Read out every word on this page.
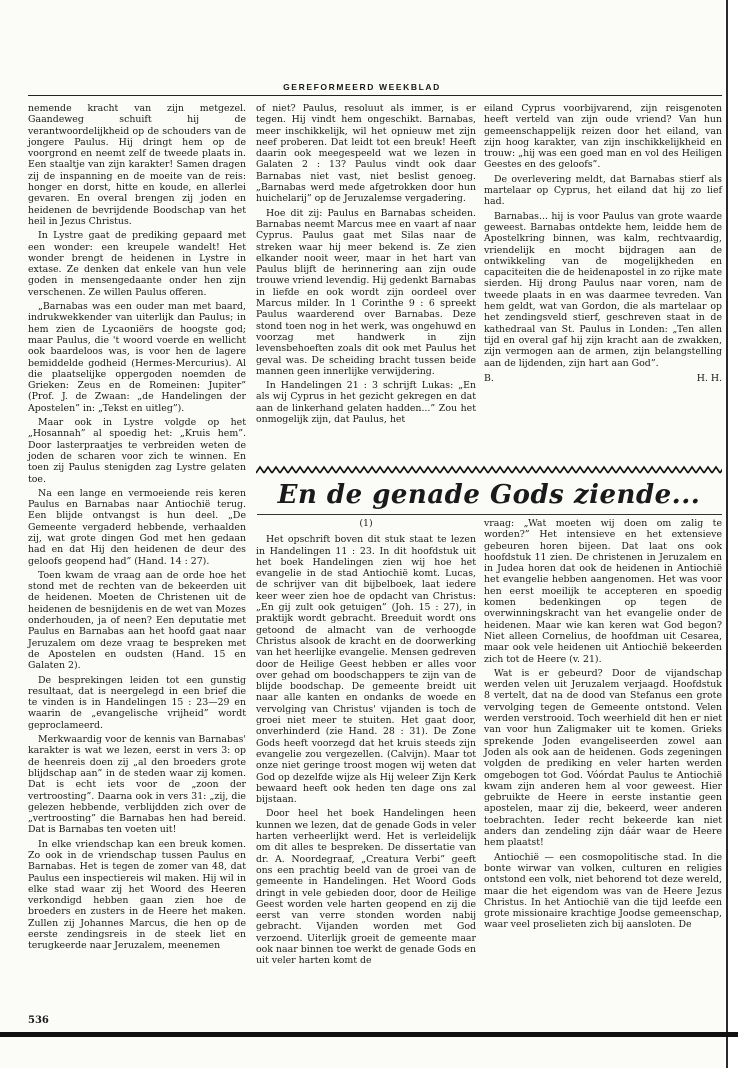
GEREFORMEERD WEEKBLAD

nemende kracht van zijn metgezel. Gaandeweg schuift hij de verantwoordelijkheid op de schouders van de jongere Paulus. Hij dringt hem op de voorgrond en neemt zelf de tweede plaats in. Een staaltje van zijn karakter! Samen dragen zij de inspanning en de moeite van de reis: honger en dorst, hitte en koude, en allerlei gevaren. En overal brengen zij joden en heidenen de bevrijdende Boodschap van het heil in Jezus Christus.

In Lystre gaat de prediking gepaard met een wonder: een kreupele wandelt! Het wonder brengt de heidenen in Lystre in extase. Ze denken dat enkele van hun vele goden in mensengedaante onder hen zijn verschenen. Ze willen Paulus offeren.

„Barnabas was een ouder man met baard, indrukwekkender van uiterlijk dan Paulus; in hem zien de Lycaoniërs de hoogste god; maar Paulus, die 't woord voerde en wellicht ook baardeloos was, is voor hen de lagere bemiddelde godheid (Hermes-Mercurius). Al die plaatselijke oppergoden noemden de Grieken: Zeus en de Romeinen: Jupiter” (Prof. J. de Zwaan: „de Handelingen der Apostelen” in: „Tekst en uitleg”).

Maar ook in Lystre volgde op het „Hosannah” al spoedig het: „Kruis hem”. Door lasterpraatjes te verbreiden weten de joden de scharen voor zich te winnen. En toen zij Paulus stenigden zag Lystre gelaten toe.

Na een lange en vermoeiende reis keren Paulus en Barnabas naar Antiochië terug. Een blijde ontvangst is hun deel. „De Gemeente vergaderd hebbende, verhaalden zij, wat grote dingen God met hen gedaan had en dat Hij den heidenen de deur des geloofs geopend had” (Hand. 14 : 27).

Toen kwam de vraag aan de orde hoe het stond met de rechten van de bekeerden uit de heidenen. Moeten de Christenen uit de heidenen de besnijdenis en de wet van Mozes onderhouden, ja of neen? Een deputatie met Paulus en Barnabas aan het hoofd gaat naar Jeruzalem om deze vraag te bespreken met de Apostelen en oudsten (Hand. 15 en Galaten 2).

De besprekingen leiden tot een gunstig resultaat, dat is neergelegd in een brief die te vinden is in Handelingen 15 : 23—29 en waarin de „evangelische vrijheid” wordt geproclameerd.

Merkwaardig voor de kennis van Barnabas' karakter is wat we lezen, eerst in vers 3: op de heenreis doen zij „al den broeders grote blijdschap aan” in de steden waar zij komen. Dat is echt iets voor de „zoon der vertroosting”. Daarna ook in vers 31: „zij, die gelezen hebbende, verblijdden zich over de „vertroosting” die Barnabas hen had bereid. Dat is Barnabas ten voeten uit!

In elke vriendschap kan een breuk komen. Zo ook in de vriendschap tussen Paulus en Barnabas. Het is tegen de zomer van 48, dat Paulus een inspectiereis wil maken. Hij wil in elke stad waar zij het Woord des Heeren verkondigd hebben gaan zien hoe de broeders en zusters in de Heere het maken. Zullen zij Johannes Marcus, die hen op de eerste zendingsreis in de steek liet en terugkeerde naar Jeruzalem, meenemen

of niet? Paulus, resoluut als immer, is er tegen. Hij vindt hem ongeschikt. Barnabas, meer inschikkelijk, wil het opnieuw met zijn neef proberen. Dat leidt tot een breuk! Heeft daarin ook meegespeeld wat we lezen in Galaten 2 : 13? Paulus vindt ook daar Barnabas niet vast, niet beslist genoeg. „Barnabas werd mede afgetrokken door hun huichelarij” op de Jeruzalemse vergadering.

Hoe dit zij: Paulus en Barnabas scheiden. Barnabas neemt Marcus mee en vaart af naar Cyprus. Paulus gaat met Silas naar de streken waar hij meer bekend is. Ze zien elkander nooit weer, maar in het hart van Paulus blijft de herinnering aan zijn oude trouwe vriend levendig. Hij gedenkt Barnabas in liefde en ook wordt zijn oordeel over Marcus milder. In 1 Corinthe 9 : 6 spreekt Paulus waarderend over Barnabas. Deze stond toen nog in het werk, was ongehuwd en voorzag met handwerk in zijn levensbehoeften zoals dit ook met Paulus het geval was. De scheiding bracht tussen beide mannen geen innerlijke verwijdering.

In Handelingen 21 : 3 schrijft Lukas: „En als wij Cyprus in het gezicht gekregen en dat aan de linkerhand gelaten hadden...” Zou het onmogelijk zijn, dat Paulus, het

eiland Cyprus voorbijvarend, zijn reisgenoten heeft verteld van zijn oude vriend? Van hun gemeenschappelijk reizen door het eiland, van zijn hoog karakter, van zijn inschikkelijkheid en trouw: „hij was een goed man en vol des Heiligen Geestes en des geloofs”.

De overlevering meldt, dat Barnabas stierf als martelaar op Cyprus, het eiland dat hij zo lief had.

Barnabas... hij is voor Paulus van grote waarde geweest. Barnabas ontdekte hem, leidde hem de Apostelkring binnen, was kalm, rechtvaardig, vriendelijk en mocht bijdragen aan de ontwikkeling van de mogelijkheden en capaciteiten die de heidenapostel in zo rijke mate sierden. Hij drong Paulus naar voren, nam de tweede plaats in en was daarmee tevreden. Van hem geldt, wat van Gordon, die als martelaar op het zendingsveld stierf, geschreven staat in de kathedraal van St. Paulus in Londen: „Ten allen tijd en overal gaf hij zijn kracht aan de zwakken, zijn vermogen aan de armen, zijn belangstelling aan de lijdenden, zijn hart aan God”.

B.	H. H.
En de genade Gods ziende...

(1)

Het opschrift boven dit stuk staat te lezen in Handelingen 11 : 23. In dit hoofdstuk uit het boek Handelingen zien wij hoe het evangelie in de stad Antiochië komt. Lucas, de schrijver van dit bijbelboek, laat iedere keer weer zien hoe de opdacht van Christus: „En gij zult ook getuigen” (Joh. 15 : 27), in praktijk wordt gebracht. Breeduit wordt ons getoond de almacht van de verhoogde Christus alsook de kracht en de doorwerking van het heerlijke evangelie. Mensen gedreven door de Heilige Geest hebben er alles voor over gehad om boodschappers te zijn van de blijde boodschap. De gemeente breidt uit naar alle kanten en ondanks de woede en vervolging van Christus' vijanden is toch de groei niet meer te stuiten. Het gaat door, onverhinderd (zie Hand. 28 : 31). De Zone Gods heeft voorzegd dat het kruis steeds zijn evangelie zou vergezellen. (Calvijn). Maar tot onze niet geringe troost mogen wij weten dat God op dezelfde wijze als Hij weleer Zijn Kerk bewaard heeft ook heden ten dage ons zal bijstaan.

Door heel het boek Handelingen heen kunnen we lezen, dat de genade Gods in veler harten verheerlijkt werd. Het is verleidelijk om dit alles te bespreken. De dissertatie van dr. A. Noordegraaf, „Creatura Verbi” geeft ons een prachtig beeld van de groei van de gemeente in Handelingen. Het Woord Gods dringt in vele gebieden door, door de Heilige Geest worden vele harten geopend en zij die eerst van verre stonden worden nabij gebracht. Vijanden worden met God verzoend. Uiterlijk groeit de gemeente maar ook naar binnen toe werkt de genade Gods en uit veler harten komt de

vraag: „Wat moeten wij doen om zalig te worden?” Het intensieve en het extensieve gebeuren horen bijeen. Dat laat ons ook hoofdstuk 11 zien. De christenen in Jeruzalem en in Judea horen dat ook de heidenen in Antiochië het evangelie hebben aangenomen. Het was voor hen eerst moeilijk te accepteren en spoedig komen bedenkingen op tegen de overwinningskracht van het evangelie onder de heidenen. Maar wie kan keren wat God begon? Niet alleen Cornelius, de hoofdman uit Cesarea, maar ook vele heidenen uit Antiochië bekeerden zich tot de Heere (v. 21).

Wat is er gebeurd? Door de vijandschap werden velen uit Jeruzalem verjaagd. Hoofdstuk 8 vertelt, dat na de dood van Stefanus een grote vervolging tegen de Gemeente ontstond. Velen werden verstrooid. Toch weerhield dit hen er niet van voor hun Zaligmaker uit te komen. Grieks sprekende Joden evangeliseerden zowel aan Joden als ook aan de heidenen. Gods zegeningen volgden de prediking en veler harten werden omgebogen tot God. Vóórdat Paulus te Antiochië kwam zijn anderen hem al voor geweest. Hier gebruikte de Heere in eerste instantie geen apostelen, maar zij die, bekeerd, weer anderen toebrachten. Ieder recht bekeerde kan niet anders dan zendeling zijn dáár waar de Heere hem plaatst!

Antiochië — een cosmopolitische stad. In die bonte wirwar van volken, culturen en religies ontstond een volk, niet behorend tot deze wereld, maar die het eigendom was van de Heere Jezus Christus. In het Antiochië van die tijd leefde een grote missionaire krachtige Joodse gemeenschap, waar veel proselieten zich bij aansloten. De

536
